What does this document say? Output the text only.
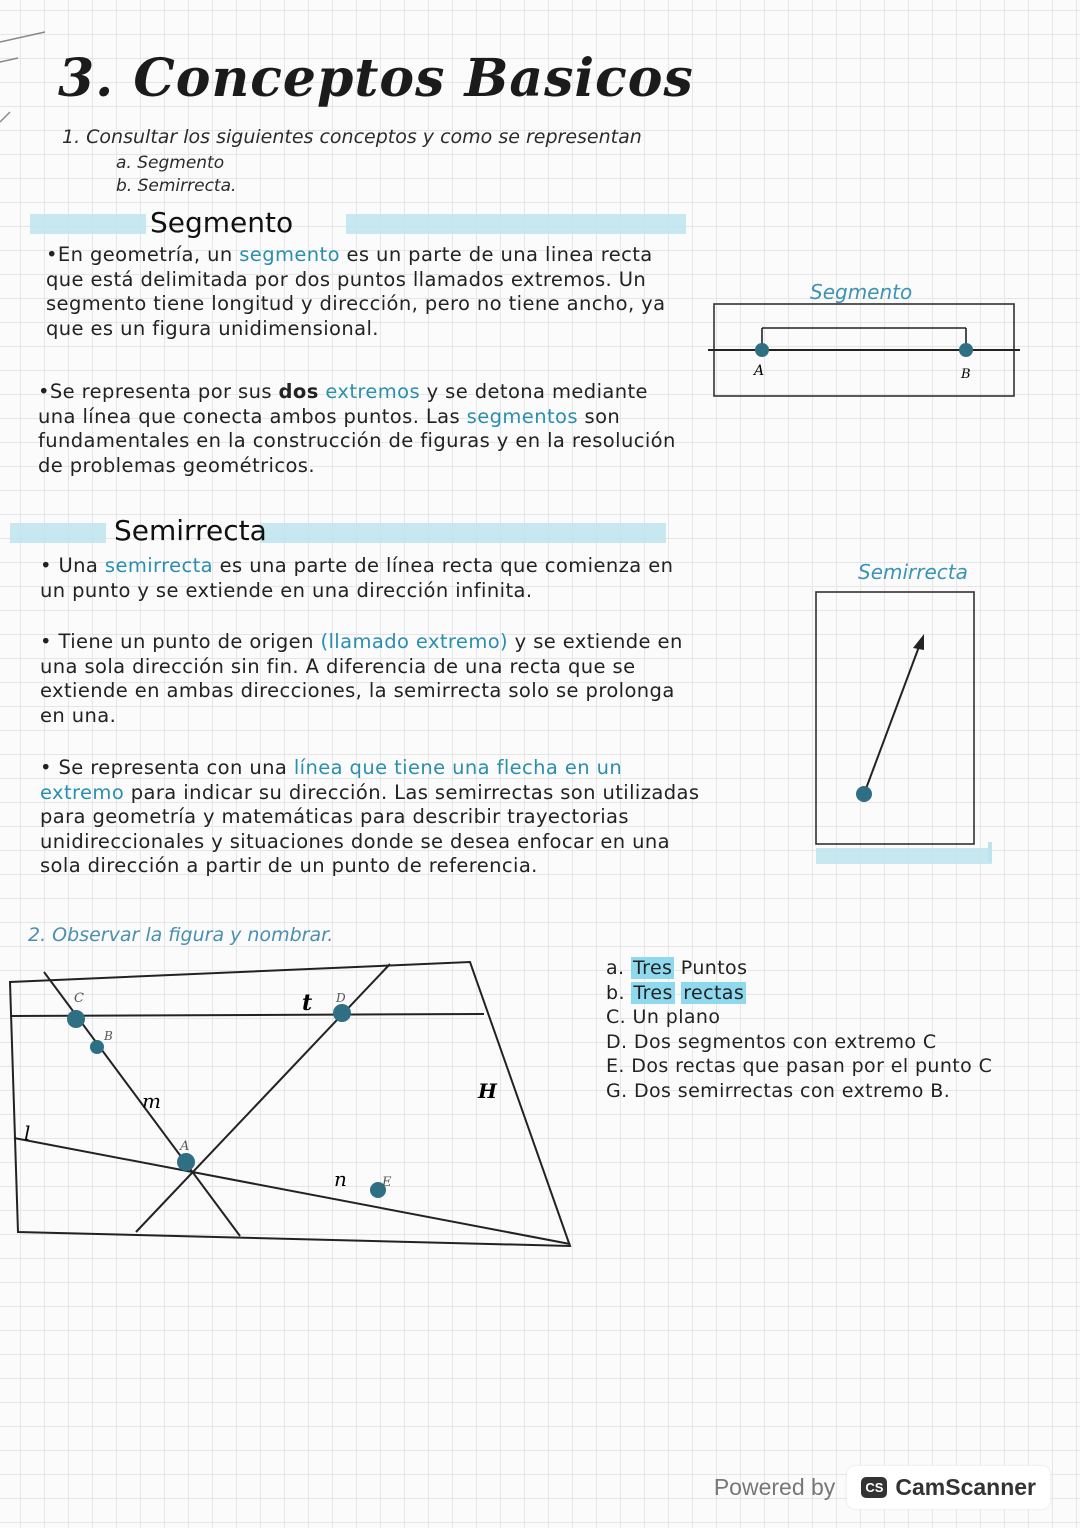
3. Conceptos Basicos
1. Consultar los siguientes conceptos y como se representan
a. Segmento
b. Semirrecta.
Segmento
•En geometría, un segmento es un parte de una linea recta que está delimitada por dos puntos llamados extremos. Un segmento tiene longitud y dirección, pero no tiene ancho, ya que es un figura unidimensional.
•Se representa por sus dos extremos y se detona mediante una línea que conecta ambos puntos. Las segmentos son fundamentales en la construcción de figuras y en la resolución de problemas geométricos.
Segmento
A	B
Semirrecta
• Una semirrecta es una parte de línea recta que comienza en un punto y se extiende en una dirección infinita.
• Tiene un punto de origen (llamado extremo) y se extiende en una sola dirección sin fin. A diferencia de una recta que se extiende en ambas direcciones, la semirrecta solo se prolonga en una.
• Se representa con una línea que tiene una flecha en un extremo para indicar su dirección. Las semirrectas son utilizadas para geometría y matemáticas para describir trayectorias unidireccionales y situaciones donde se desea enfocar en una sola dirección a partir de un punto de referencia.
Semirrecta
2. Observar la figura y nombrar.
C
B
A
E
D
t
m
n
H
l
a. Tres Puntos
b. Tres rectas
C. Un plano
D. Dos segmentos con extremo C
E. Dos rectas que pasan por el punto C
G. Dos semirrectas con extremo B.
Powered by	CS CamScanner
